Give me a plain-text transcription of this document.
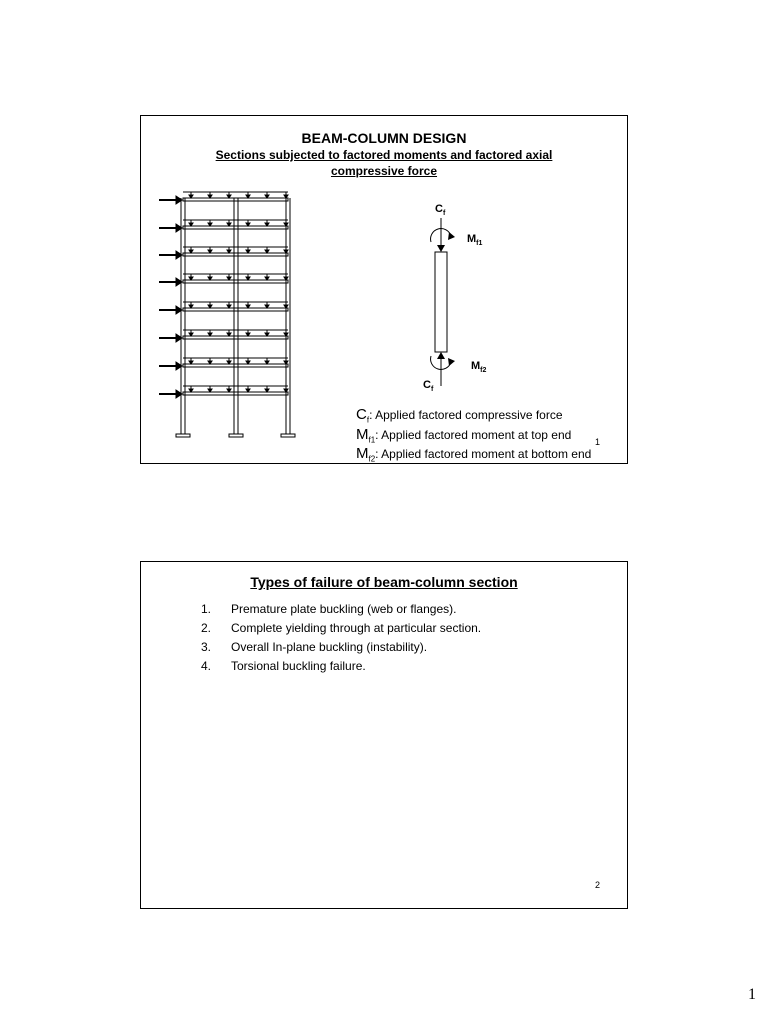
BEAM-COLUMN DESIGN
Sections subjected to factored moments and factored axial
compressive force
$C_f$
$M_{f1}$
$M_{f2}$
$C_f$
$C_f$: Applied factored compressive force
$M_{f1}$: Applied factored moment at top end
$M_{f2}$: Applied factored moment at bottom end
1
Types of failure of beam-column section
1.	Premature plate buckling (web or flanges).
2.	Complete yielding through at particular section.
3.	Overall In-plane buckling (instability).
4.	Torsional buckling failure.
2
1
